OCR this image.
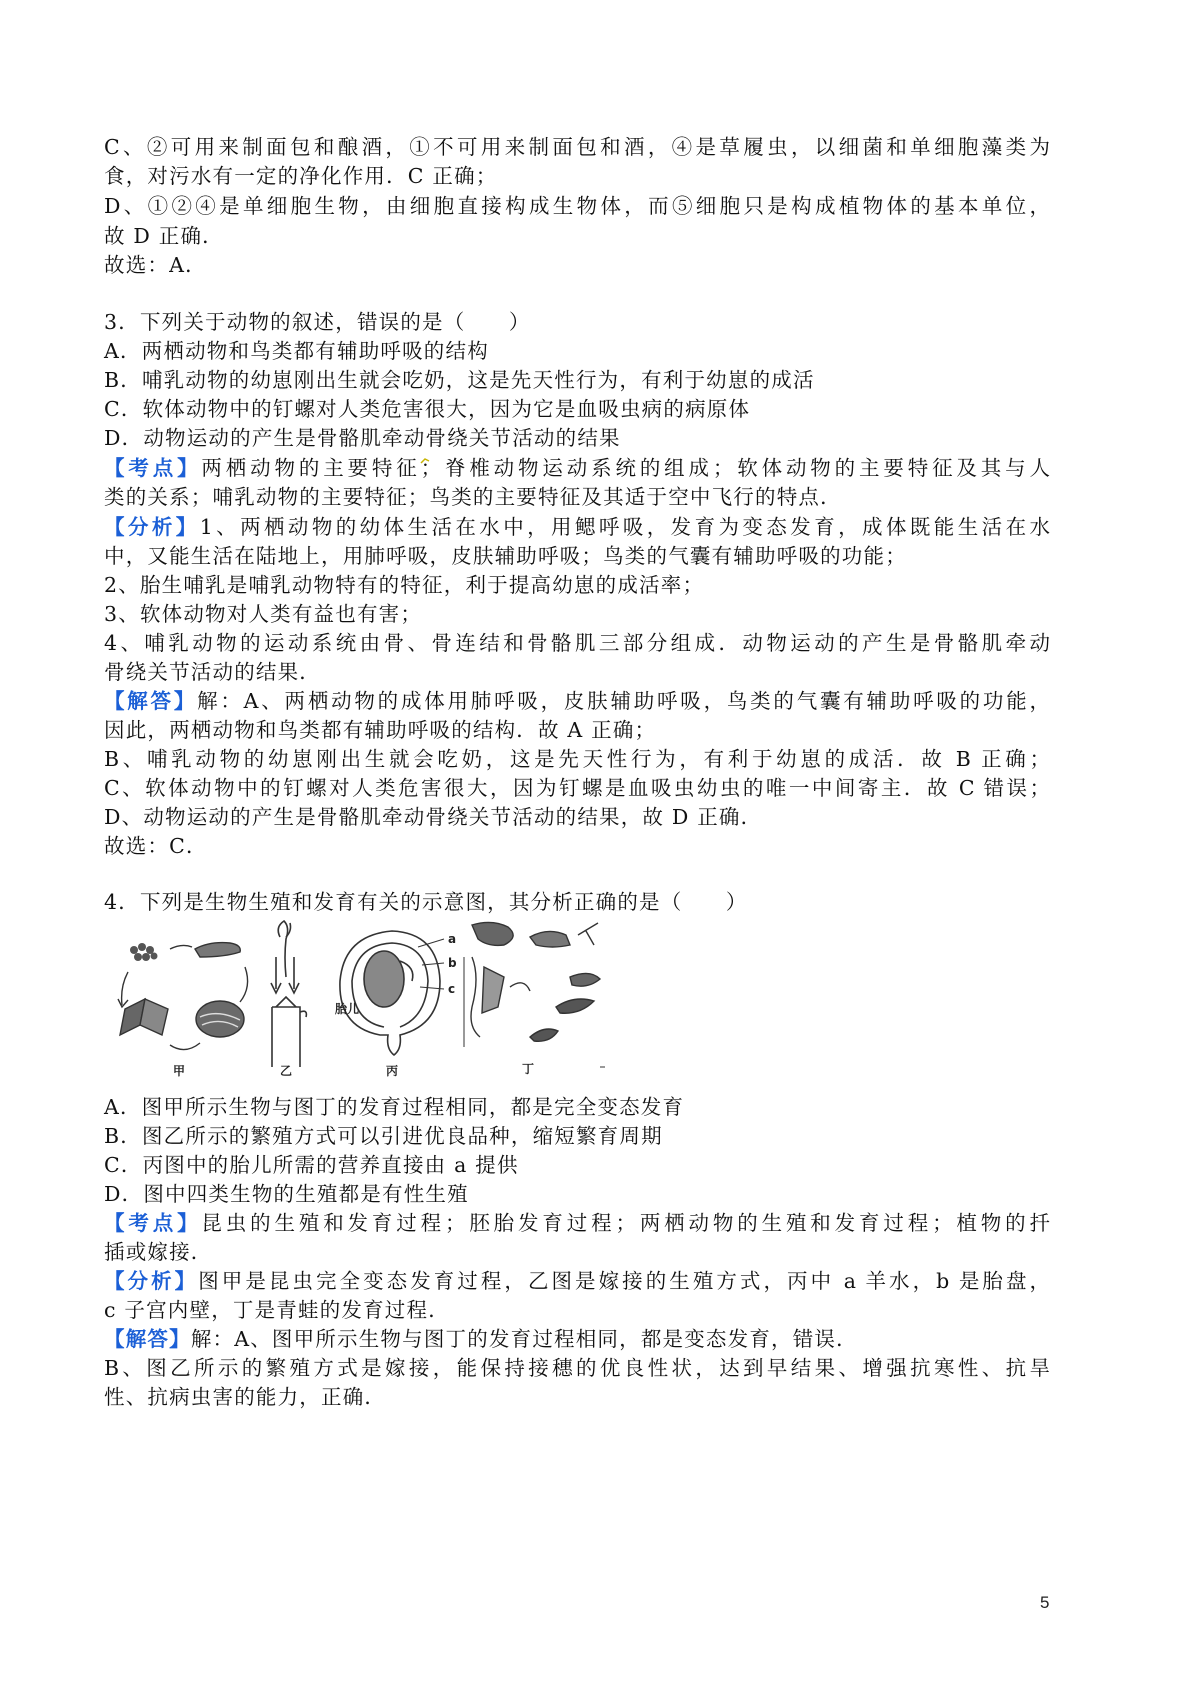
C、②可用来制面包和酿酒，①不可用来制面包和酒，④是草履虫，以细菌和单细胞藻类为
食，对污水有一定的净化作用．C 正确；
D、①②④是单细胞生物，由细胞直接构成生物体，而⑤细胞只是构成植物体的基本单位，
故 D 正确．
故选：A．
3．下列关于动物的叙述，错误的是（　　）
A．两栖动物和鸟类都有辅助呼吸的结构
B．哺乳动物的幼崽刚出生就会吃奶，这是先天性行为，有利于幼崽的成活
C．软体动物中的钉螺对人类危害很大，因为它是血吸虫病的病原体
D．动物运动的产生是骨骼肌牵动骨绕关节活动的结果
【考点】两栖动物的主要特征；脊椎动物运动系统的组成；软体动物的主要特征及其与人
类的关系；哺乳动物的主要特征；鸟类的主要特征及其适于空中飞行的特点．
【分析】1、两栖动物的幼体生活在水中，用鳃呼吸，发育为变态发育，成体既能生活在水
中，又能生活在陆地上，用肺呼吸，皮肤辅助呼吸；鸟类的气囊有辅助呼吸的功能；
2、胎生哺乳是哺乳动物特有的特征，利于提高幼崽的成活率；
3、软体动物对人类有益也有害；
4、哺乳动物的运动系统由骨、骨连结和骨骼肌三部分组成．动物运动的产生是骨骼肌牵动
骨绕关节活动的结果．
【解答】解：A、两栖动物的成体用肺呼吸，皮肤辅助呼吸，鸟类的气囊有辅助呼吸的功能，
因此，两栖动物和鸟类都有辅助呼吸的结构．故 A 正确；
B、哺乳动物的幼崽刚出生就会吃奶，这是先天性行为，有利于幼崽的成活．故 B 正确；
C、软体动物中的钉螺对人类危害很大，因为钉螺是血吸虫幼虫的唯一中间寄主．故 C 错误；
D、动物运动的产生是骨骼肌牵动骨绕关节活动的结果，故 D 正确．
故选：C．
4．下列是生物生殖和发育有关的示意图，其分析正确的是（　　）
甲	乙
a
b
c
胎儿
丙	丁
A．图甲所示生物与图丁的发育过程相同，都是完全变态发育
B．图乙所示的繁殖方式可以引进优良品种，缩短繁育周期
C．丙图中的胎儿所需的营养直接由 a 提供
D．图中四类生物的生殖都是有性生殖
【考点】昆虫的生殖和发育过程；胚胎发育过程；两栖动物的生殖和发育过程；植物的扦
插或嫁接．
【分析】图甲是昆虫完全变态发育过程，乙图是嫁接的生殖方式，丙中 a 羊水，b 是胎盘，
c 子宫内壁，丁是青蛙的发育过程．
【解答】解：A、图甲所示生物与图丁的发育过程相同，都是变态发育，错误．
B、图乙所示的繁殖方式是嫁接，能保持接穗的优良性状，达到早结果、增强抗寒性、抗旱
性、抗病虫害的能力，正确．
5
